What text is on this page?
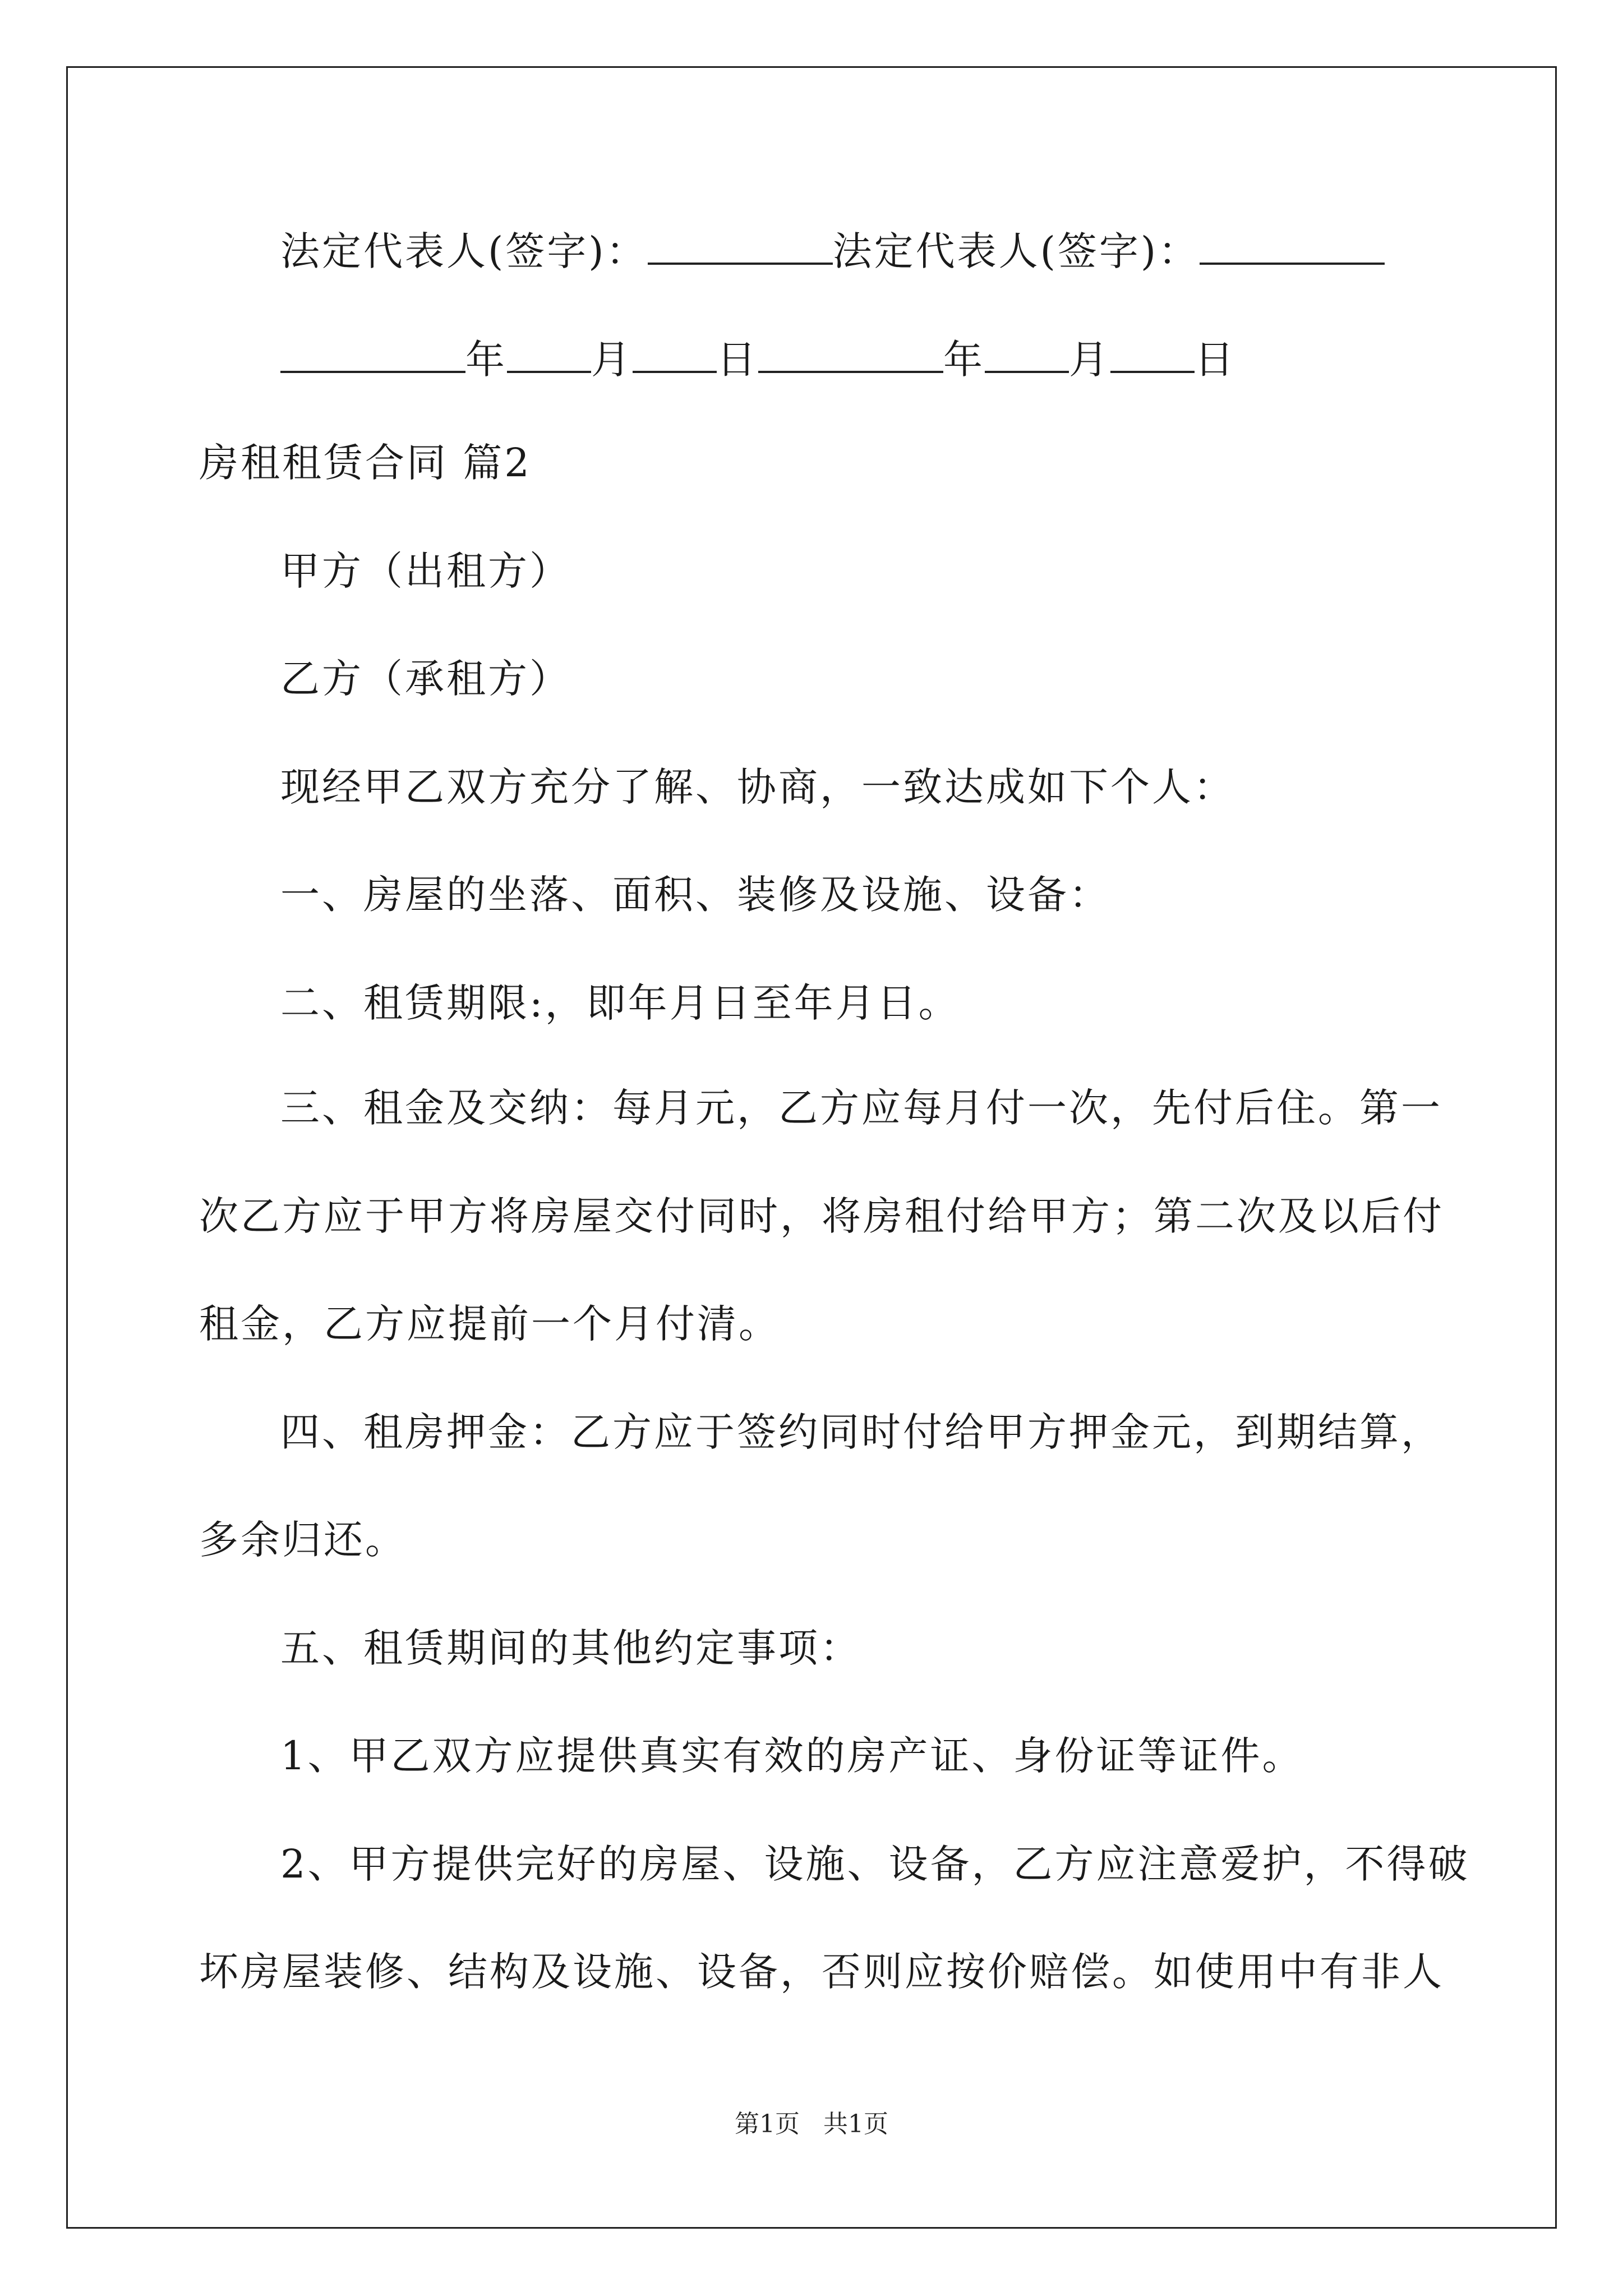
法定代表人(签字)：	法定代表人(签字)：
年 月 日	年 月 日
房租租赁合同 篇2
甲方（出租方）
乙方（承租方）
现经甲乙双方充分了解、协商，一致达成如下个人：
一、房屋的坐落、面积、装修及设施、设备：
二、租赁期限:，即年月日至年月日。
三、租金及交纳：每月元，乙方应每月付一次，先付后住。第一
次乙方应于甲方将房屋交付同时，将房租付给甲方；第二次及以后付
租金，乙方应提前一个月付清。
四、租房押金：乙方应于签约同时付给甲方押金元，到期结算，
多余归还。
五、租赁期间的其他约定事项：
1、甲乙双方应提供真实有效的房产证、身份证等证件。
2、甲方提供完好的房屋、设施、设备，乙方应注意爱护，不得破
坏房屋装修、结构及设施、设备，否则应按价赔偿。如使用中有非人
第1页   共1页
